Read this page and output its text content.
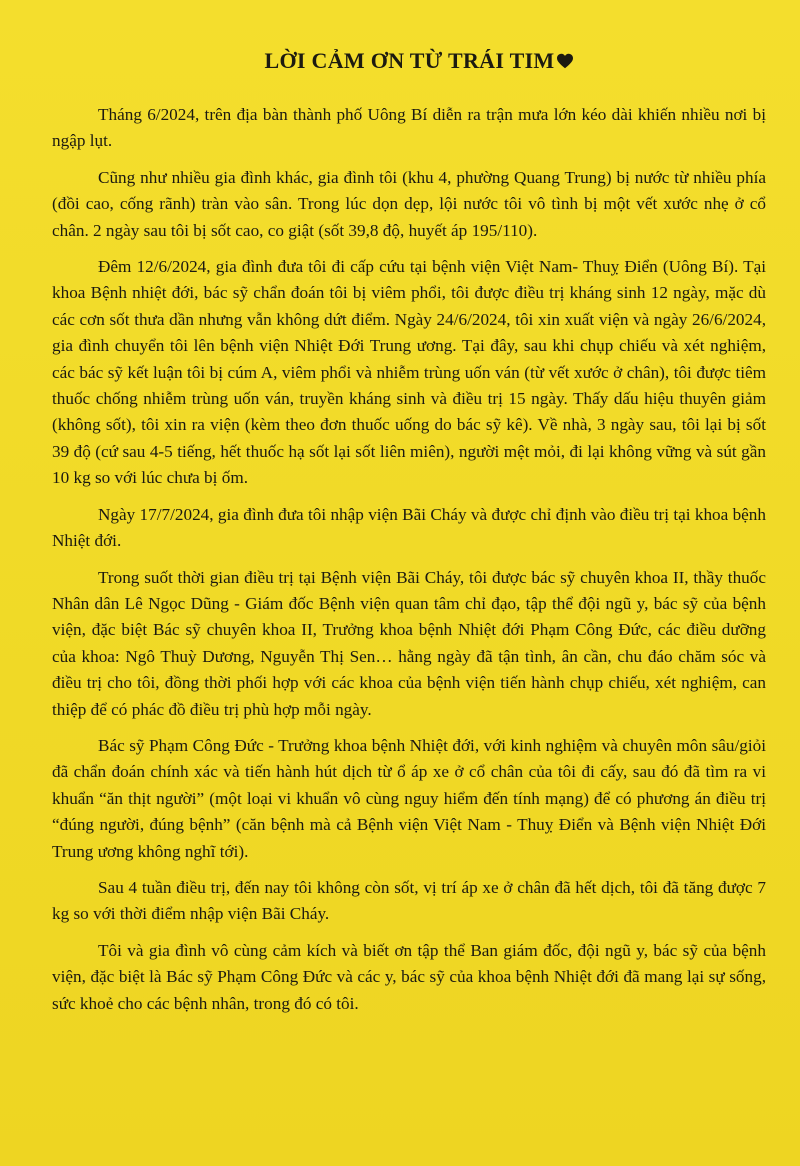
LỜI CẢM ƠN TỪ TRÁI TIM

Tháng 6/2024, trên địa bàn thành phố Uông Bí diễn ra trận mưa lớn kéo dài khiến nhiều nơi bị ngập lụt.

Cũng như nhiều gia đình khác, gia đình tôi (khu 4, phường Quang Trung) bị nước từ nhiều phía (đồi cao, cống rãnh) tràn vào sân. Trong lúc dọn dẹp, lội nước tôi vô tình bị một vết xước nhẹ ở cổ chân. 2 ngày sau tôi bị sốt cao, co giật (sốt 39,8 độ, huyết áp 195/110).

Đêm 12/6/2024, gia đình đưa tôi đi cấp cứu tại bệnh viện Việt Nam- Thuỵ Điển (Uông Bí). Tại khoa Bệnh nhiệt đới, bác sỹ chẩn đoán tôi bị viêm phổi, tôi được điều trị kháng sinh 12 ngày, mặc dù các cơn sốt thưa dần nhưng vẫn không dứt điểm. Ngày 24/6/2024, tôi xin xuất viện và ngày 26/6/2024, gia đình chuyển tôi lên bệnh viện Nhiệt Đới Trung ương. Tại đây, sau khi chụp chiếu và xét nghiệm, các bác sỹ kết luận tôi bị cúm A, viêm phổi và nhiễm trùng uốn ván (từ vết xước ở chân), tôi được tiêm thuốc chống nhiễm trùng uốn ván, truyền kháng sinh và điều trị 15 ngày. Thấy dấu hiệu thuyên giảm (không sốt), tôi xin ra viện (kèm theo đơn thuốc uống do bác sỹ kê). Về nhà, 3 ngày sau, tôi lại bị sốt 39 độ (cứ sau 4-5 tiếng, hết thuốc hạ sốt lại sốt liên miên), người mệt mỏi, đi lại không vững và sút gần 10 kg so với lúc chưa bị ốm.

Ngày 17/7/2024, gia đình đưa tôi nhập viện Bãi Cháy và được chỉ định vào điều trị tại khoa bệnh Nhiệt đới.

Trong suốt thời gian điều trị tại Bệnh viện Bãi Cháy, tôi được bác sỹ chuyên khoa II, thầy thuốc Nhân dân Lê Ngọc Dũng - Giám đốc Bệnh viện quan tâm chỉ đạo, tập thể đội ngũ y, bác sỹ của bệnh viện, đặc biệt Bác sỹ chuyên khoa II, Trưởng khoa bệnh Nhiệt đới Phạm Công Đức, các điều dưỡng của khoa: Ngô Thuỳ Dương, Nguyễn Thị Sen… hằng ngày đã tận tình, ân cần, chu đáo chăm sóc và điều trị cho tôi, đồng thời phối hợp với các khoa của bệnh viện tiến hành chụp chiếu, xét nghiệm, can thiệp để có phác đồ điều trị phù hợp mỗi ngày.

Bác sỹ Phạm Công Đức - Trưởng khoa bệnh Nhiệt đới, với kinh nghiệm và chuyên môn sâu/giỏi đã chẩn đoán chính xác và tiến hành hút dịch từ ổ áp xe ở cổ chân của tôi đi cấy, sau đó đã tìm ra vi khuẩn “ăn thịt người” (một loại vi khuẩn vô cùng nguy hiểm đến tính mạng) để có phương án điều trị “đúng người, đúng bệnh” (căn bệnh mà cả Bệnh viện Việt Nam - Thuỵ Điển và Bệnh viện Nhiệt Đới Trung ương không nghĩ tới).

Sau 4 tuần điều trị, đến nay tôi không còn sốt, vị trí áp xe ở chân đã hết dịch, tôi đã tăng được 7 kg so với thời điểm nhập viện Bãi Cháy.

Tôi và gia đình vô cùng cảm kích và biết ơn tập thể Ban giám đốc, đội ngũ y, bác sỹ của bệnh viện, đặc biệt là Bác sỹ Phạm Công Đức và các y, bác sỹ của khoa bệnh Nhiệt đới đã mang lại sự sống, sức khoẻ cho các bệnh nhân, trong đó có tôi.
